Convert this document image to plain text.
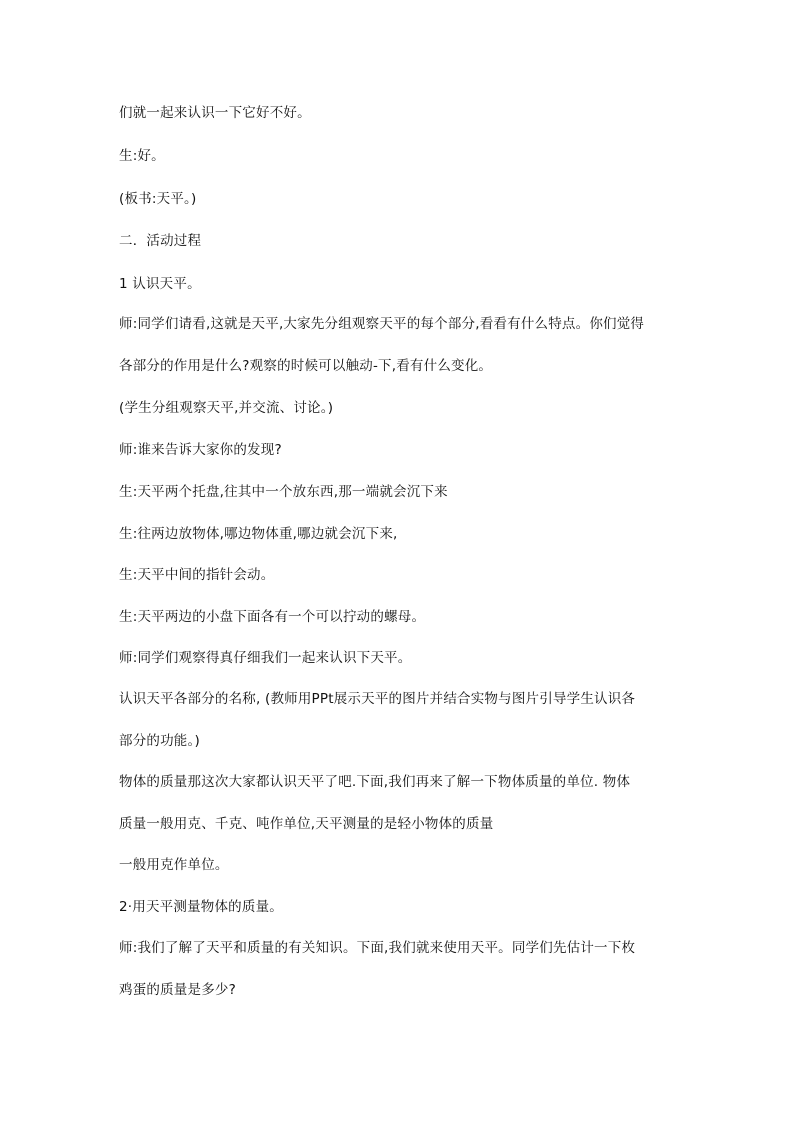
们就一起来认识一下它好不好。
生:好。
(板书:天平。)
二．活动过程
1 认识天平。
师:同学们请看,这就是天平,大家先分组观察天平的每个部分,看看有什么特点。你们觉得
各部分的作用是什么?观察的时候可以触动-下,看有什么变化。
(学生分组观察天平,并交流、讨论。)
师:谁来告诉大家你的发现?
生:天平两个托盘,往其中一个放东西,那一端就会沉下来
生:往两边放物体,哪边物体重,哪边就会沉下来,
生:天平中间的指针会动。
生:天平两边的小盘下面各有一个可以拧动的螺母。
师:同学们观察得真仔细我们一起来认识下天平。
认识天平各部分的名称, (教师用PPt展示天平的图片并结合实物与图片引导学生认识各
部分的功能。)
物体的质量那这次大家都认识天平了吧.下面,我们再来了解一下物体质量的单位. 物体
质量一般用克、千克、吨作单位,天平测量的是轻小物体的质量
一般用克作单位。
2·用天平测量物体的质量。
师:我们了解了天平和质量的有关知识。下面,我们就来使用天平。同学们先估计一下枚
鸡蛋的质量是多少?
